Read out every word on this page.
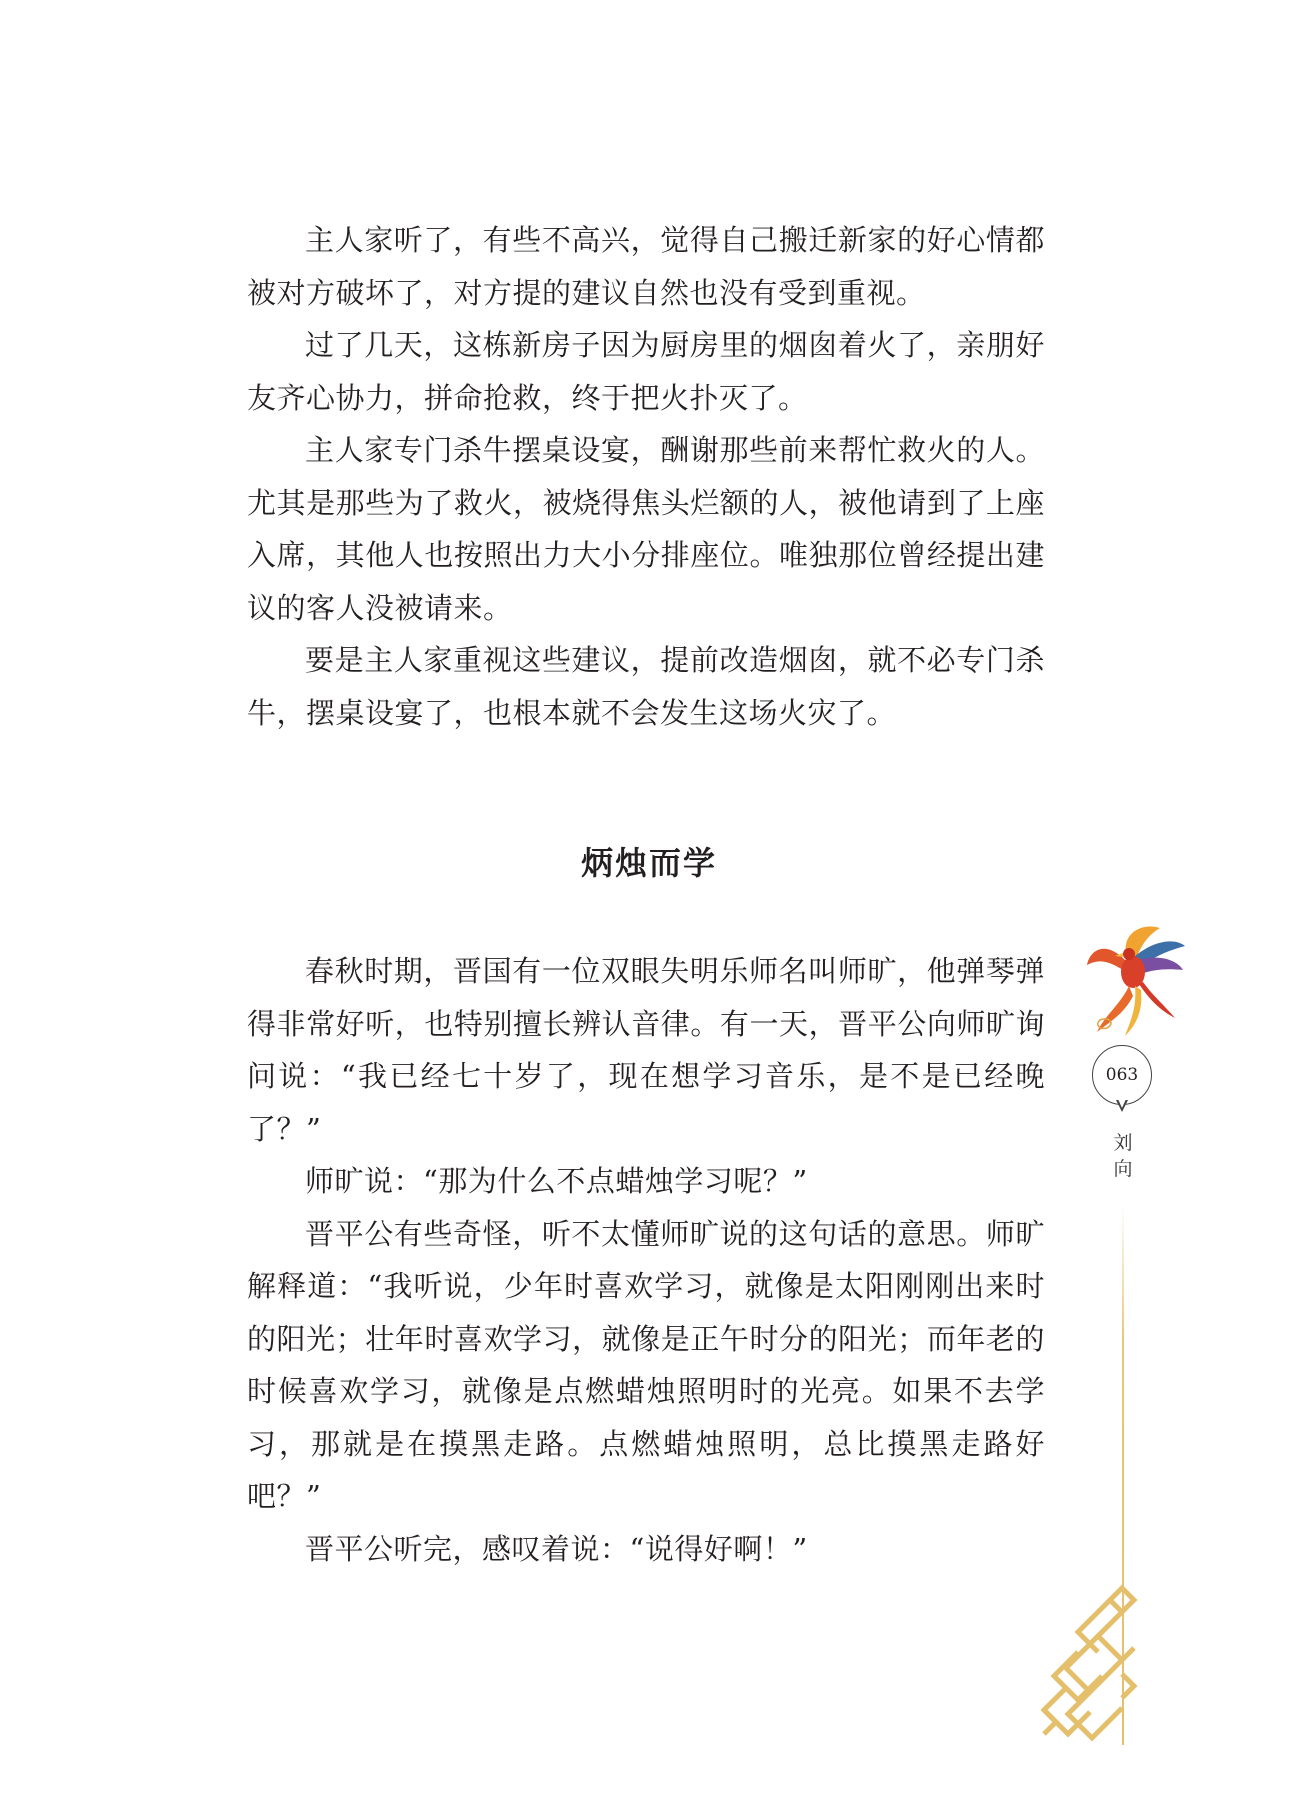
主人家听了，有些不高兴，觉得自己搬迁新家的好心情都被对方破坏了，对方提的建议自然也没有受到重视。

过了几天，这栋新房子因为厨房里的烟囱着火了，亲朋好友齐心协力，拼命抢救，终于把火扑灭了。

主人家专门杀牛摆桌设宴，酬谢那些前来帮忙救火的人。尤其是那些为了救火，被烧得焦头烂额的人，被他请到了上座入席，其他人也按照出力大小分排座位。唯独那位曾经提出建议的客人没被请来。

要是主人家重视这些建议，提前改造烟囱，就不必专门杀牛，摆桌设宴了，也根本就不会发生这场火灾了。

炳烛而学

春秋时期，晋国有一位双眼失明乐师名叫师旷，他弹琴弹得非常好听，也特别擅长辨认音律。有一天，晋平公向师旷询问说：“我已经七十岁了，现在想学习音乐，是不是已经晚了？”

师旷说：“那为什么不点蜡烛学习呢？”

晋平公有些奇怪，听不太懂师旷说的这句话的意思。师旷解释道：“我听说，少年时喜欢学习，就像是太阳刚刚出来时的阳光；壮年时喜欢学习，就像是正午时分的阳光；而年老的时候喜欢学习，就像是点燃蜡烛照明时的光亮。如果不去学习，那就是在摸黑走路。点燃蜡烛照明，总比摸黑走路好吧？”

晋平公听完，感叹着说：“说得好啊！”

063
刘向
